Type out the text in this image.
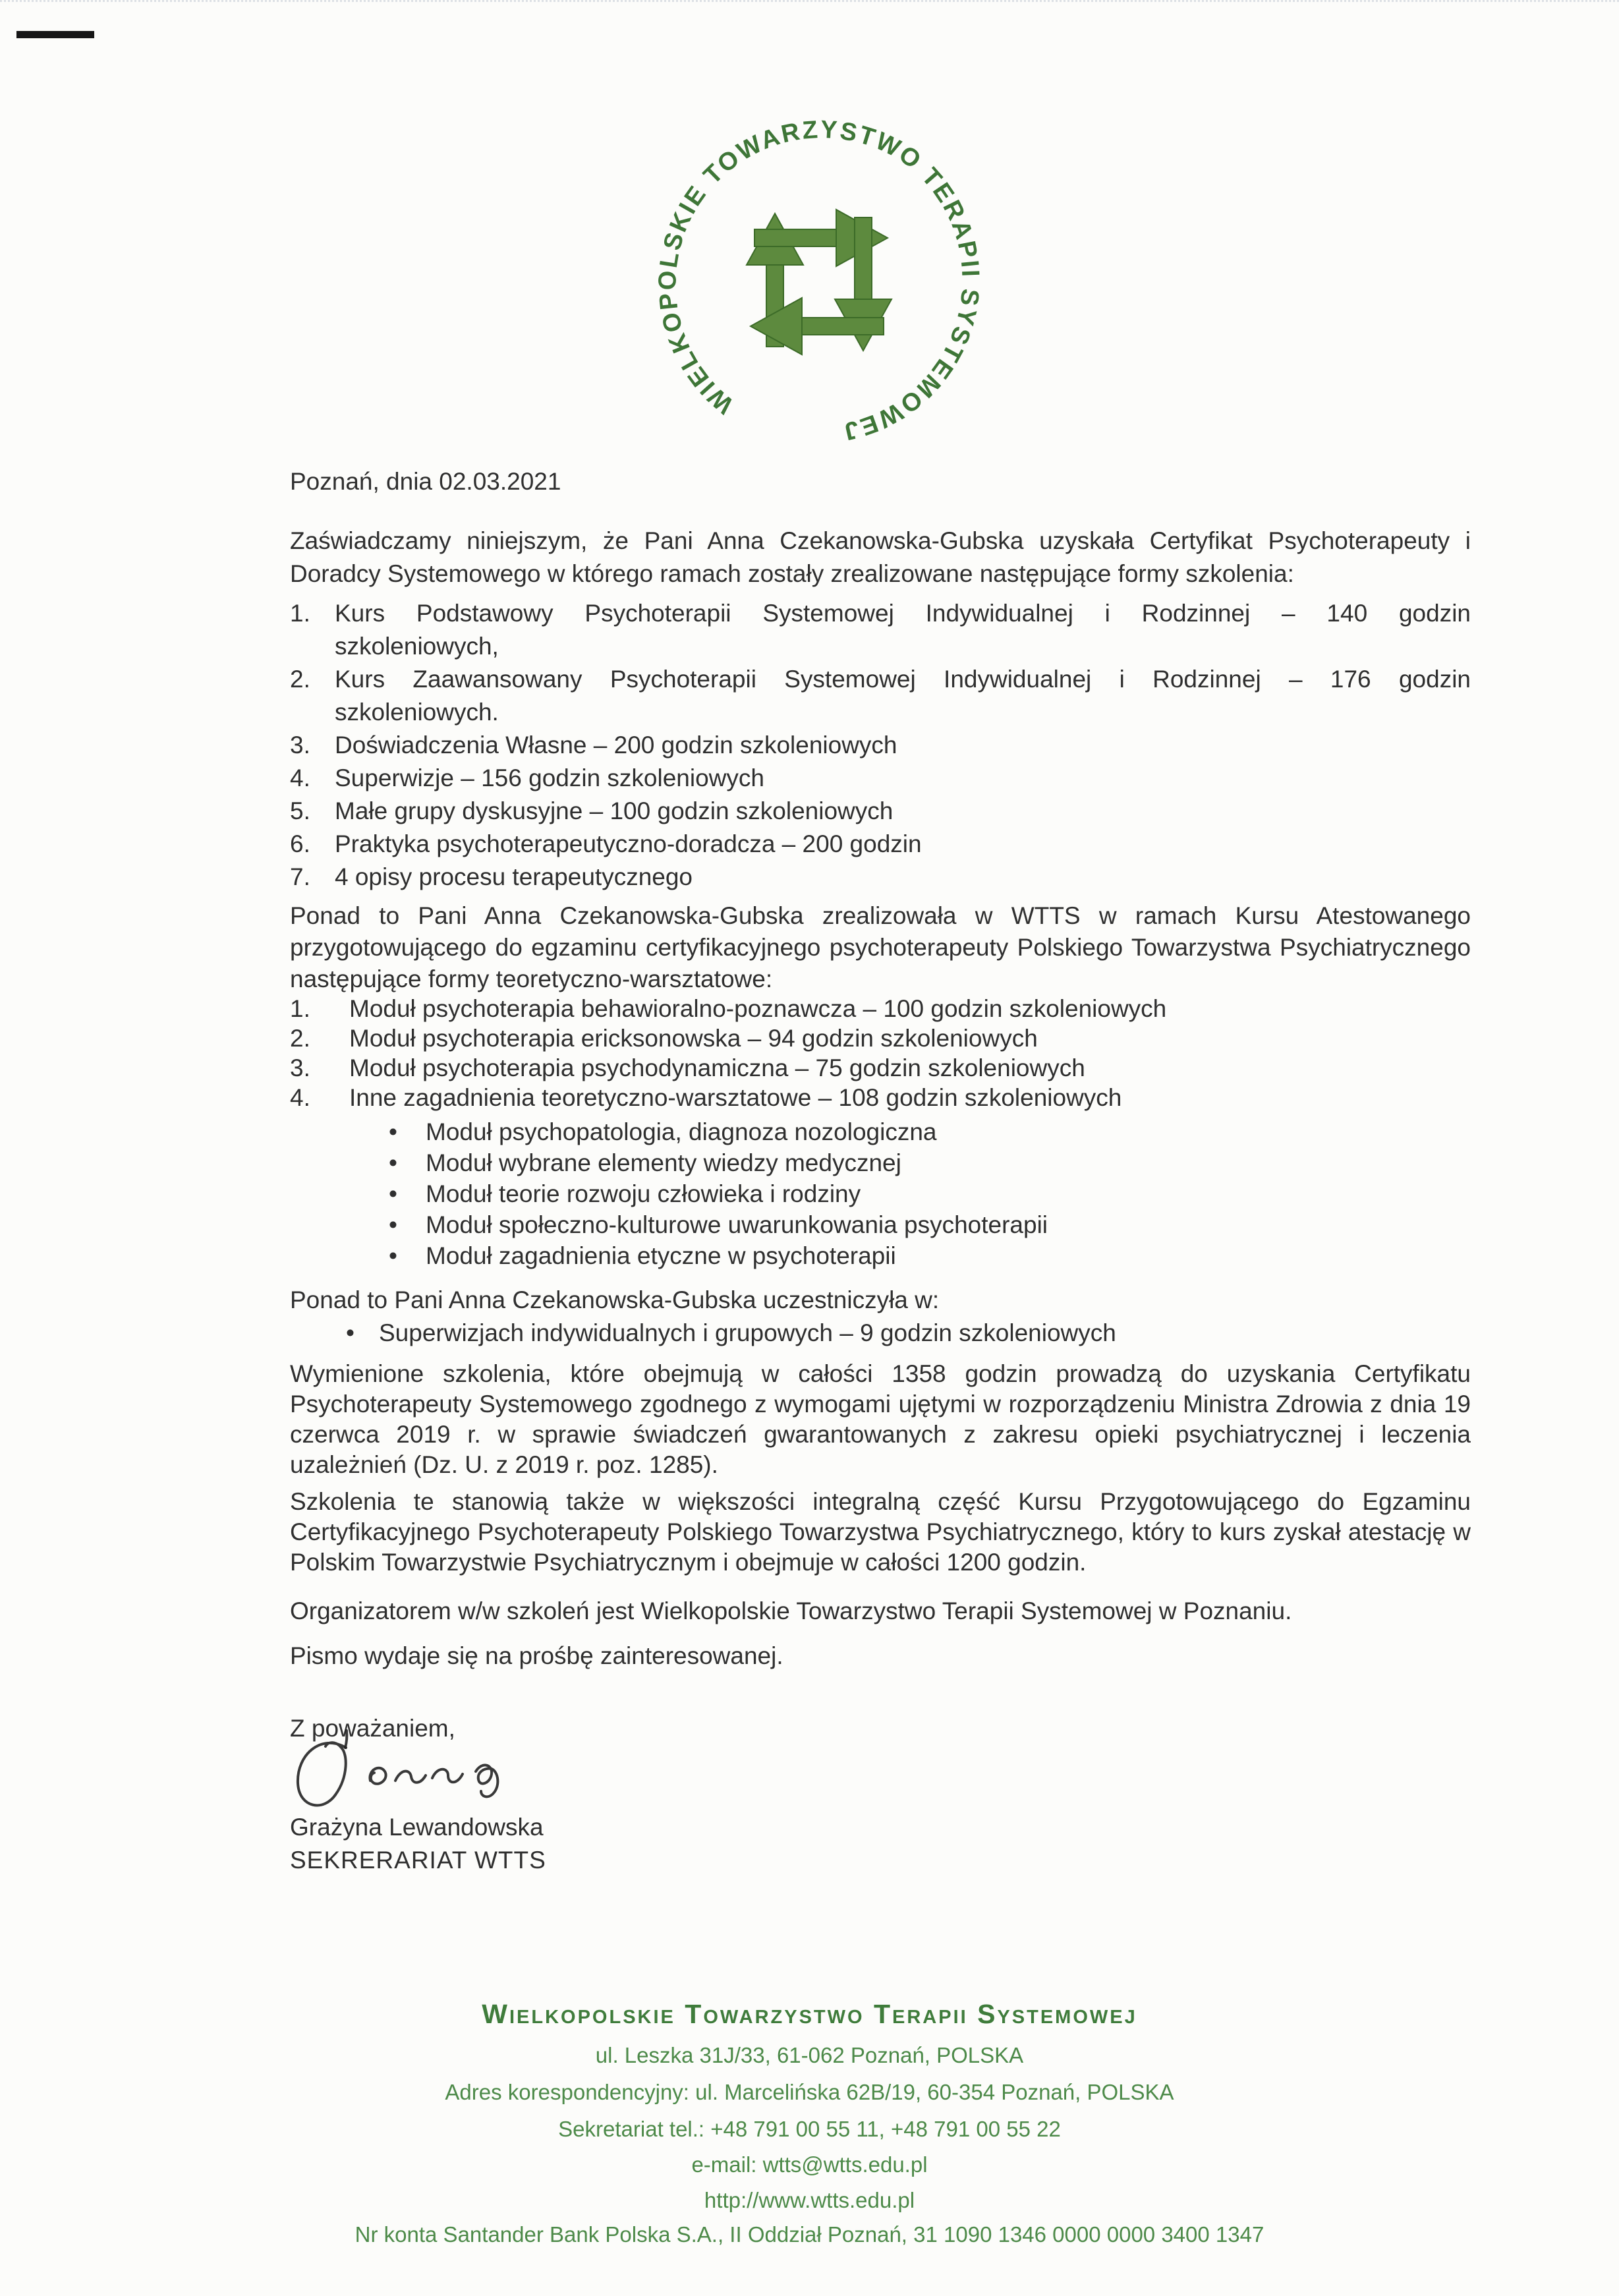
WIELKOPOLSKIE TOWARZYSTWO TERAPII SYSTEMOWEJ
Poznań, dnia 02.03.2021
Zaświadczamy niniejszym, że Pani Anna Czekanowska-Gubska uzyskała Certyfikat Psychoterapeuty i Doradcy Systemowego w którego ramach zostały zrealizowane następujące formy szkolenia:
1.	Kurs Podstawowy Psychoterapii Systemowej Indywidualnej i Rodzinnej – 140 godzin
szkoleniowych,
2.	Kurs Zaawansowany Psychoterapii Systemowej Indywidualnej i Rodzinnej – 176 godzin
szkoleniowych.
3.	Doświadczenia Własne – 200 godzin szkoleniowych
4.	Superwizje – 156 godzin szkoleniowych
5.	Małe grupy dyskusyjne – 100 godzin szkoleniowych
6.	Praktyka psychoterapeutyczno-doradcza – 200 godzin
7.	4 opisy procesu terapeutycznego
Ponad to Pani Anna Czekanowska-Gubska zrealizowała w WTTS w ramach Kursu Atestowanego przygotowującego do egzaminu certyfikacyjnego psychoterapeuty Polskiego Towarzystwa Psychiatrycznego następujące formy teoretyczno-warsztatowe:
1.	Moduł psychoterapia behawioralno-poznawcza – 100 godzin szkoleniowych
2.	Moduł psychoterapia ericksonowska – 94 godzin szkoleniowych
3.	Moduł psychoterapia psychodynamiczna – 75 godzin szkoleniowych
4.	Inne zagadnienia teoretyczno-warsztatowe – 108 godzin szkoleniowych
•	Moduł psychopatologia, diagnoza nozologiczna
•	Moduł wybrane elementy wiedzy medycznej
•	Moduł teorie rozwoju człowieka i rodziny
•	Moduł społeczno-kulturowe uwarunkowania psychoterapii
•	Moduł zagadnienia etyczne w psychoterapii
Ponad to Pani Anna Czekanowska-Gubska uczestniczyła w:
•	Superwizjach indywidualnych i grupowych – 9 godzin szkoleniowych
Wymienione szkolenia, które obejmują w całości 1358 godzin prowadzą do uzyskania Certyfikatu Psychoterapeuty Systemowego zgodnego z wymogami ujętymi w rozporządzeniu Ministra Zdrowia z dnia 19 czerwca 2019 r. w sprawie świadczeń gwarantowanych z zakresu opieki psychiatrycznej i leczenia uzależnień (Dz. U. z 2019 r. poz. 1285).
Szkolenia te stanowią także w większości integralną część Kursu Przygotowującego do Egzaminu Certyfikacyjnego Psychoterapeuty Polskiego Towarzystwa Psychiatrycznego, który to kurs zyskał atestację w Polskim Towarzystwie Psychiatrycznym i obejmuje w całości 1200 godzin.
Organizatorem w/w szkoleń jest Wielkopolskie Towarzystwo Terapii Systemowej w Poznaniu.
Pismo wydaje się na prośbę zainteresowanej.
Z poważaniem,
Grażyna Lewandowska
SEKRERARIAT WTTS
Wielkopolskie Towarzystwo Terapii Systemowej
ul. Leszka 31J/33, 61-062 Poznań, POLSKA
Adres korespondencyjny: ul. Marcelińska 62B/19, 60-354 Poznań, POLSKA
Sekretariat tel.: +48 791 00 55 11, +48 791 00 55 22
e-mail: wtts@wtts.edu.pl
http://www.wtts.edu.pl
Nr konta Santander Bank Polska S.A., II Oddział Poznań, 31 1090 1346 0000 0000 3400 1347
